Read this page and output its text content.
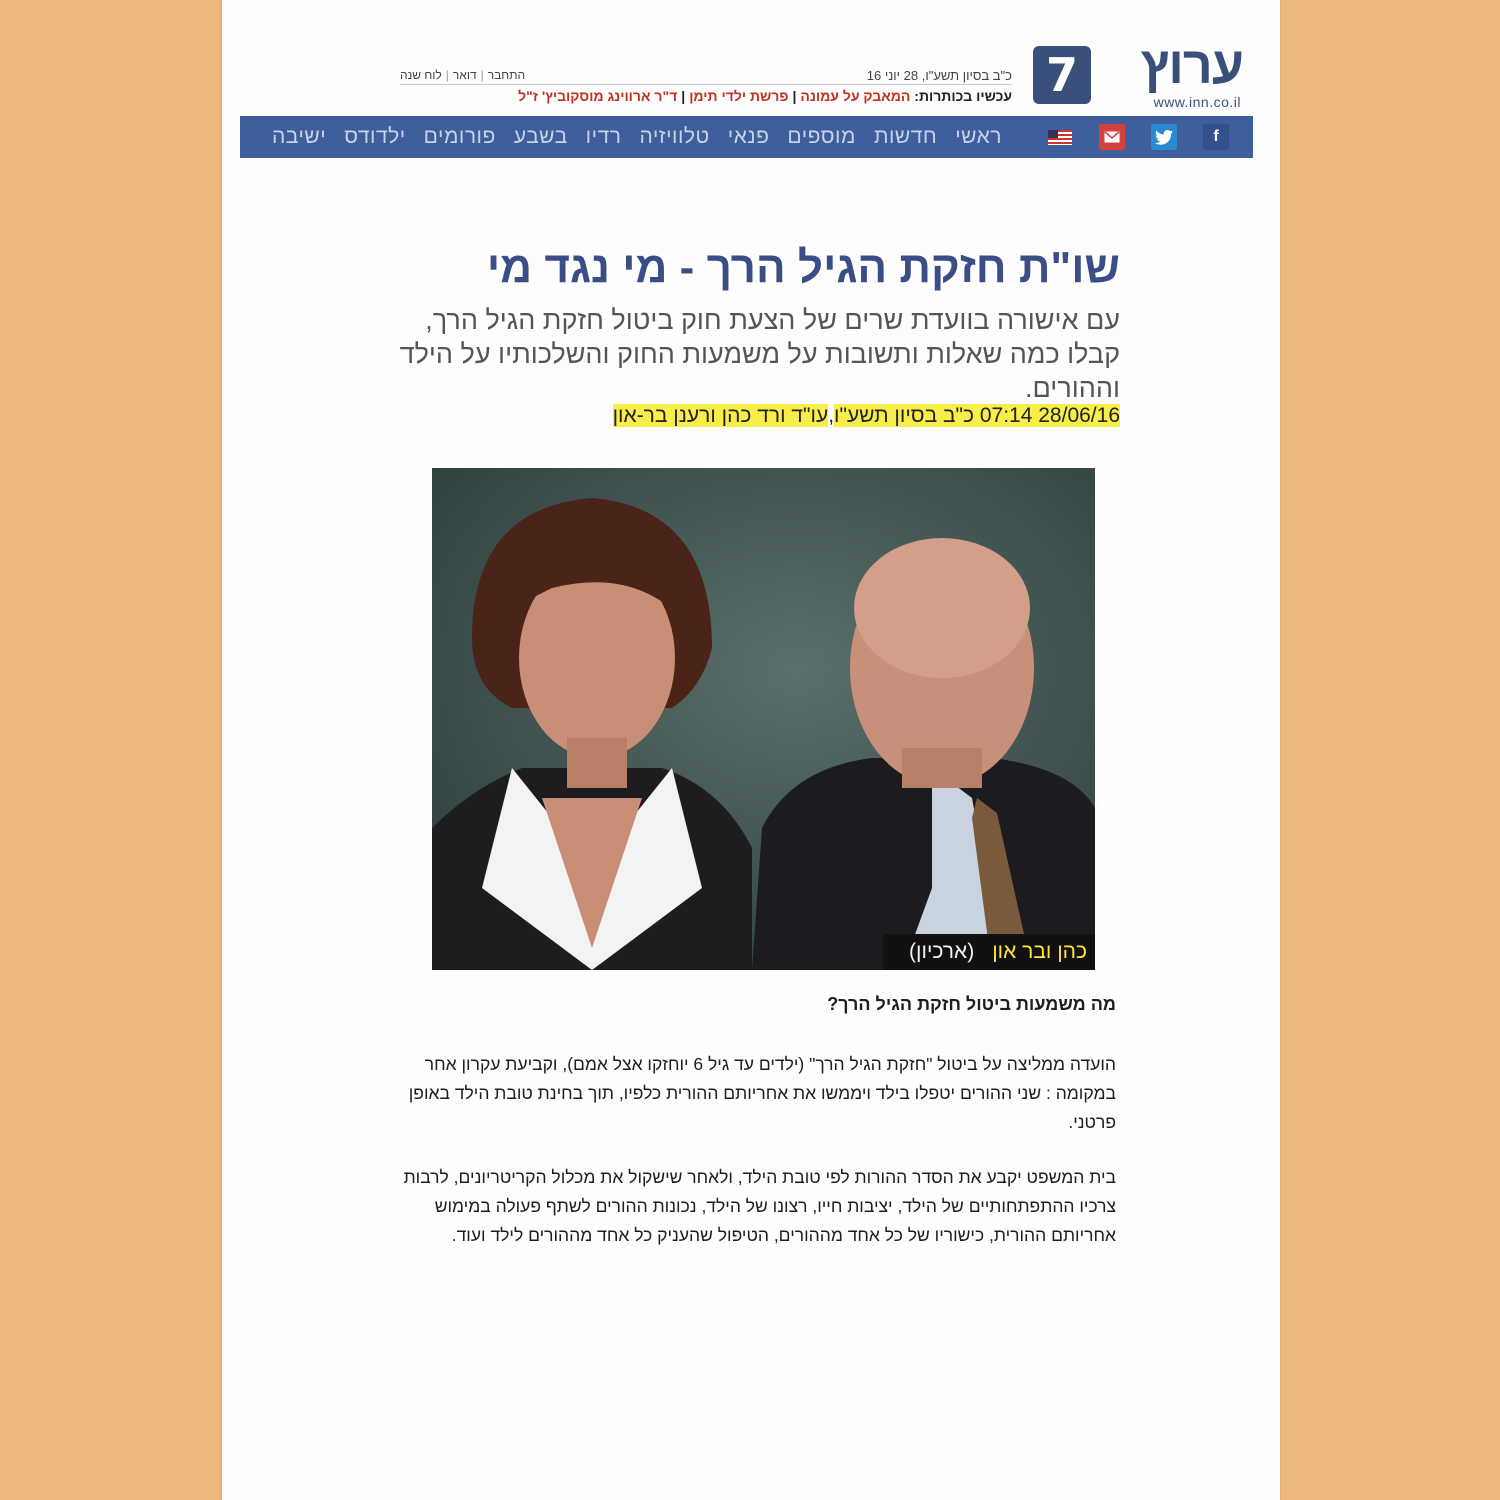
7	ערוץ
www.inn.co.il
כ"ב בסיון תשע"ו, 28 יוני 16
התחבר|דואר|לוח שנה
עכשיו בכותרות: המאבק על עמונה|פרשת ילדי תימן|ד"ר ארווינג מוסקוביץ' ז"ל
f
ראשי
חדשות
מוספים
פנאי
טלוויזיה
רדיו
בשבע
פורומים
ילדודס
ישיבה
שו"ת חזקת הגיל הרך - מי נגד מי
עם אישורה בוועדת שרים של הצעת חוק ביטול חזקת הגיל הרך, קבלו כמה שאלות ותשובות על משמעות החוק והשלכותיו על הילד וההורים.
28/06/16 07:14 כ"ב בסיון תשע"ו,עו"ד ורד כהן ורענן בר-און
כהן ובר און
(ארכיון)
מה משמעות ביטול חזקת הגיל הרך?
הועדה ממליצה על ביטול "חזקת הגיל הרך" (ילדים עד גיל 6 יוחזקו אצל אמם), וקביעת עקרון אחר במקומה : שני ההורים יטפלו בילד ויממשו את אחריותם ההורית כלפיו, תוך בחינת טובת הילד באופן פרטני.
בית המשפט יקבע את הסדר ההורות לפי טובת הילד, ולאחר שישקול את מכלול הקריטריונים, לרבות צרכיו ההתפתחותיים של הילד, יציבות חייו, רצונו של הילד, נכונות ההורים לשתף פעולה במימוש אחריותם ההורית, כישוריו של כל אחד מההורים, הטיפול שהעניק כל אחד מההורים לילד ועוד.
